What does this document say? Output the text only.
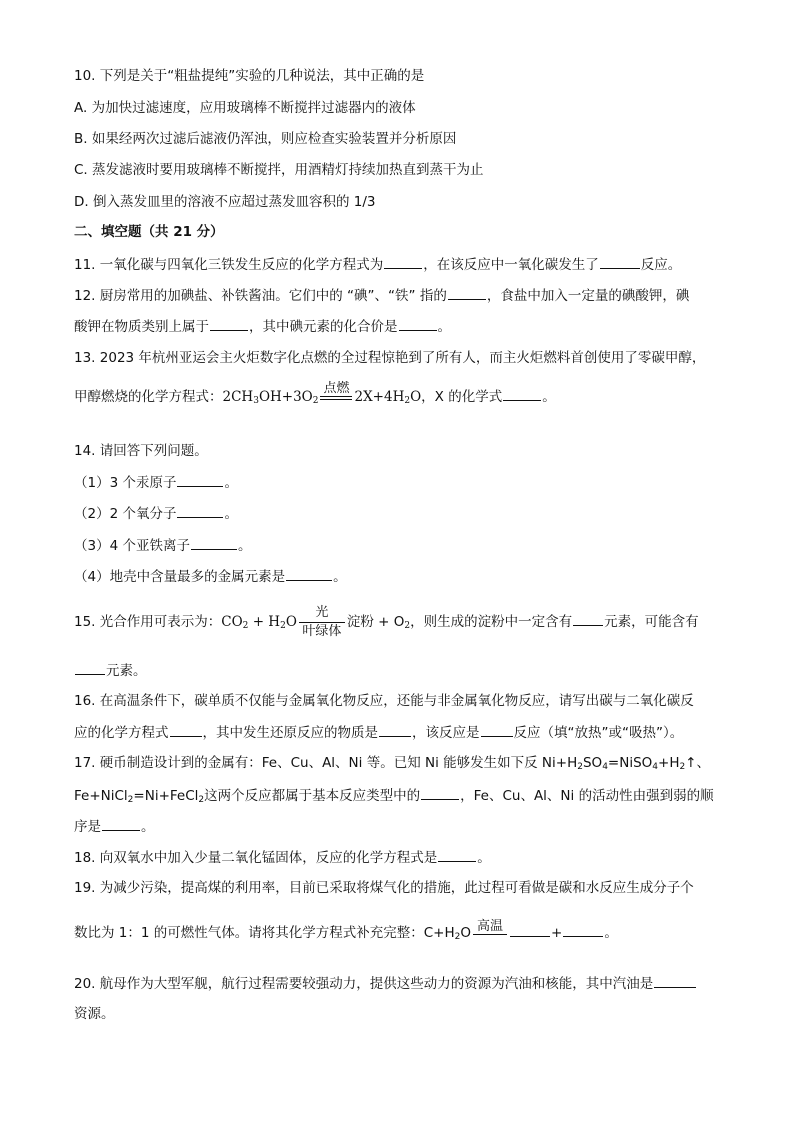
10. 下列是关于“粗盐提纯”实验的几种说法，其中正确的是
A. 为加快过滤速度，应用玻璃棒不断搅拌过滤器内的液体
B. 如果经两次过滤后滤液仍浑浊，则应检查实验装置并分析原因
C. 蒸发滤液时要用玻璃棒不断搅拌，用酒精灯持续加热直到蒸干为止
D. 倒入蒸发皿里的溶液不应超过蒸发皿容积的 1/3
二、填空题（共 21 分）
11. 一氧化碳与四氧化三铁发生反应的化学方程式为	，在该反应中一氧化碳发生了	反应。
12. 厨房常用的加碘盐、补铁酱油。它们中的 “碘”、“铁” 指的	，食盐中加入一定量的碘酸钾，碘
酸钾在物质类别上属于	，其中碘元素的化合价是	。
13. 2023 年杭州亚运会主火炬数字化点燃的全过程惊艳到了所有人，而主火炬燃料首创使用了零碳甲醇，
甲醇燃烧的化学方程式：$2CH_3OH+3O_2$
点燃
$2X+4H_2O$，X 的化学式	。
14. 请回答下列问题。
（1）3 个汞原子	。
（2）2 个氧分子	。
（3）4 个亚铁离子	。
（4）地壳中含量最多的金属元素是	。
15. 光合作用可表示为：$CO_2 + H_2O$
光
叶绿体
淀粉 + $O_2$，则生成的淀粉中一定含有 元素，可能含有
元素。
16. 在高温条件下，碳单质不仅能与金属氧化物反应，还能与非金属氧化物反应，请写出碳与二氧化碳反
应的化学方程式	，其中发生还原反应的物质是	，该反应是	反应（填“放热”或“吸热”）。
17. 硬币制造设计到的金属有：Fe、Cu、Al、Ni 等。已知 Ni 能够发生如下反 $Ni+H_2SO_4=NiSO_4+H_2↑$、
Fe+NiCl$_2$=Ni+FeCl$_2$这两个反应都属于基本反应类型中的	，Fe、Cu、Al、Ni 的活动性由强到弱的顺
序是	。
18. 向双氧水中加入少量二氧化锰固体，反应的化学方程式是	。
19. 为减少污染，提高煤的利用率，目前已采取将煤气化的措施，此过程可看做是碳和水反应生成分子个
数比为 1：1 的可燃性气体。请将其化学方程式补充完整：$C+H_2O$ 高温	+	。
20. 航母作为大型军舰，航行过程需要较强动力，提供这些动力的资源为汽油和核能，其中汽油是
资源。
